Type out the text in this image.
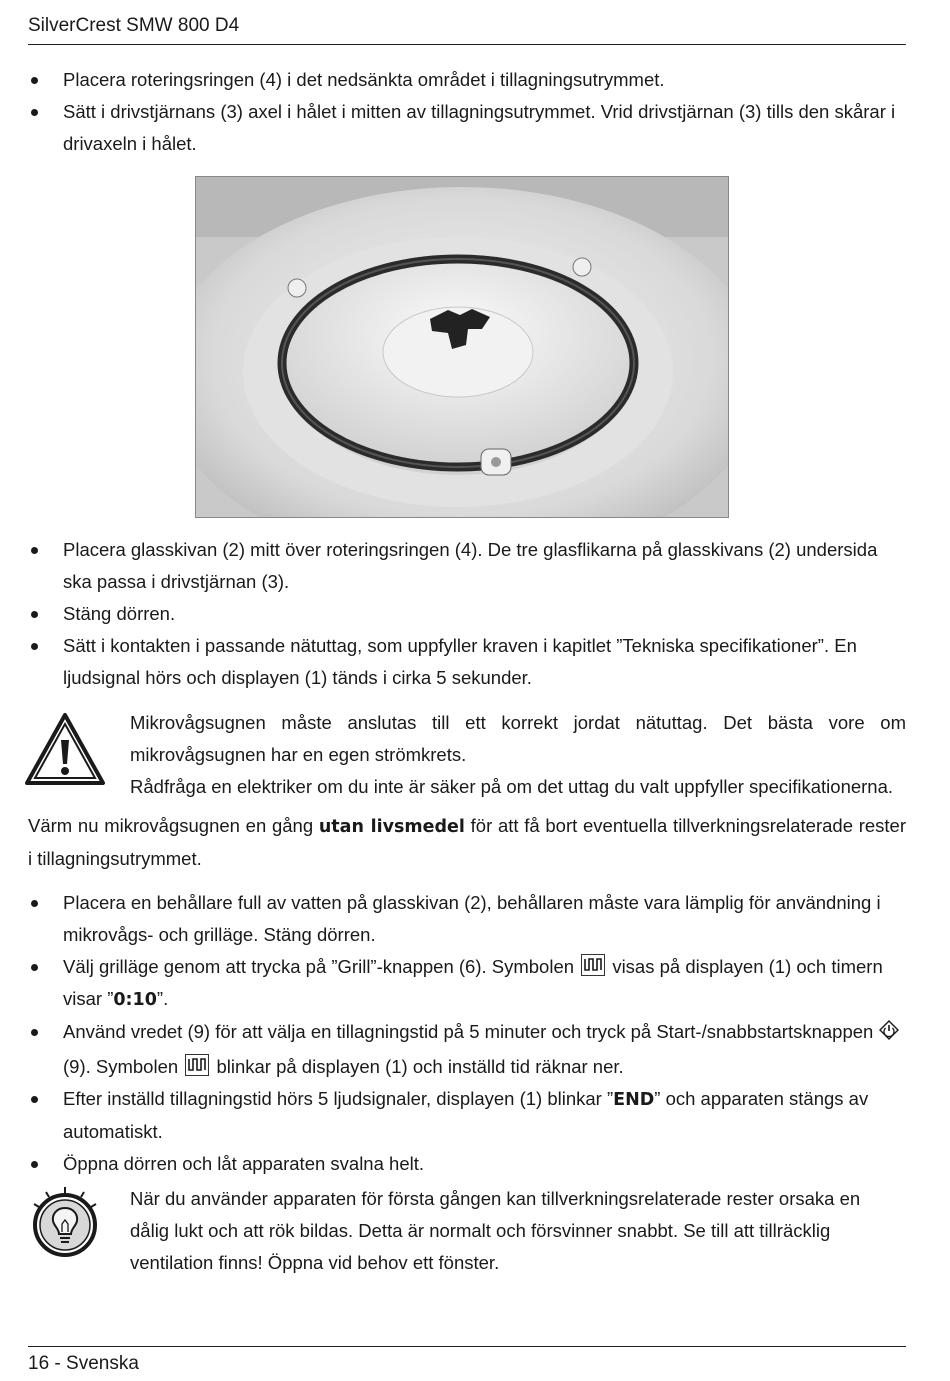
SilverCrest SMW 800 D4
Placera roteringsringen (4) i det nedsänkta området i tillagningsutrymmet.
Sätt i drivstjärnans (3) axel i hålet i mitten av tillagningsutrymmet. Vrid drivstjärnan (3) tills den skårar i drivaxeln i hålet.
Placera glasskivan (2) mitt över roteringsringen (4). De tre glasflikarna på glasskivans (2) undersida ska passa i drivstjärnan (3).
Stäng dörren.
Sätt i kontakten i passande nätuttag, som uppfyller kraven i kapitlet ”Tekniska specifikationer”. En ljudsignal hörs och displayen (1) tänds i cirka 5 sekunder.

Mikrovågsugnen måste anslutas till ett korrekt jordat nätuttag. Det bästa vore om

mikrovågsugnen har en egen strömkrets.

Rådfråga en elektriker om du inte är säker på om det uttag du valt uppfyller specifikationerna.

Värm nu mikrovågsugnen en gång utan livsmedel för att få bort eventuella tillverkningsrelaterade rester i tillagningsutrymmet.
Placera en behållare full av vatten på glasskivan (2), behållaren måste vara lämplig för användning i mikrovågs- och grilläge. Stäng dörren.
Välj grilläge genom att trycka på ”Grill”-knappen (6). Symbolen visas på displayen (1) och timern visar ”0:10”.
Använd vredet (9) för att välja en tillagningstid på 5 minuter och tryck på Start-/snabbstartsknappen (9). Symbolen blinkar på displayen (1) och inställd tid räknar ner.
Efter inställd tillagningstid hörs 5 ljudsignaler, displayen (1) blinkar ”END” och apparaten stängs av automatiskt.
Öppna dörren och låt apparaten svalna helt.

När du använder apparaten för första gången kan tillverkningsrelaterade rester orsaka en dålig lukt och att rök bildas. Detta är normalt och försvinner snabbt. Se till att tillräcklig ventilation finns! Öppna vid behov ett fönster.

16 - Svenska
